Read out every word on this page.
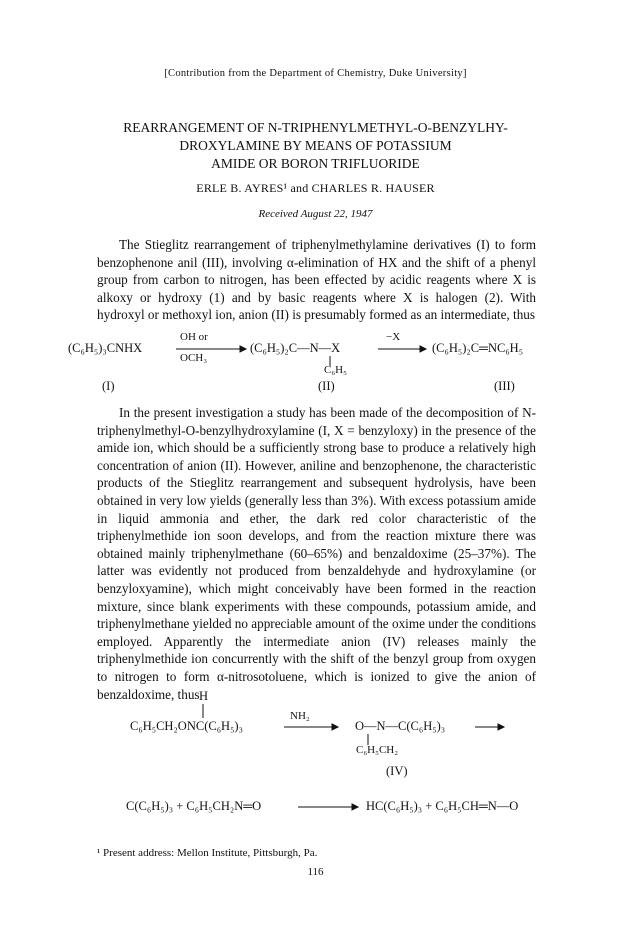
[Contribution from the Department of Chemistry, Duke University]
REARRANGEMENT OF N-TRIPHENYLMETHYL-O-BENZYLHY-
DROXYLAMINE BY MEANS OF POTASSIUM
AMIDE OR BORON TRIFLUORIDE
ERLE B. AYRES¹ and CHARLES R. HAUSER
Received August 22, 1947

The Stieglitz rearrangement of triphenylmethylamine derivatives (I) to form benzophenone anil (III), involving α-elimination of HX and the shift of a phenyl group from carbon to nitrogen, has been effected by acidic reagents where X is alkoxy or hydroxy (1) and by basic reagents where X is halogen (2). With hydroxyl or methoxyl ion, anion (II) is presumably formed as an intermediate, thus

(C₆H₅)₃CNHX
OH or
OCH₃
(C₆H₅)₂C—N—X
C₆H₅
−X
(C₆H₅)₂C═NC₆H₅
(I)	(II)	(III)

In the present investigation a study has been made of the decomposition of N-triphenylmethyl-O-benzylhydroxylamine (I, X = benzyloxy) in the presence of the amide ion, which should be a sufficiently strong base to produce a relatively high concentration of anion (II). However, aniline and benzophenone, the characteristic products of the Stieglitz rearrangement and subsequent hydrolysis, have been obtained in very low yields (generally less than 3%). With excess potassium amide in liquid ammonia and ether, the dark red color characteristic of the triphenylmethide ion soon develops, and from the reaction mixture there was obtained mainly triphenylmethane (60–65%) and benzaldoxime (25–37%). The latter was evidently not produced from benzaldehyde and hydroxylamine (or benzyloxyamine), which might conceivably have been formed in the reaction mixture, since blank experiments with these compounds, potassium amide, and triphenylmethane yielded no appreciable amount of the oxime under the conditions employed. Apparently the intermediate anion (IV) releases mainly the triphenylmethide ion concurrently with the shift of the benzyl group from oxygen to nitrogen to form α-nitrosotoluene, which is ionized to give the anion of benzaldoxime, thus H
C₆H₅CH₂ONC(C₆H₅)₃
NH₂
O—N—C(C₆H₅)₃
C₆H₅CH₂
(IV)
C(C₆H₅)₃ + C₆H₅CH₂N═O	HC(C₆H₅)₃ + C₆H₅CH═N—O
¹ Present address: Mellon Institute, Pittsburgh, Pa.
116
